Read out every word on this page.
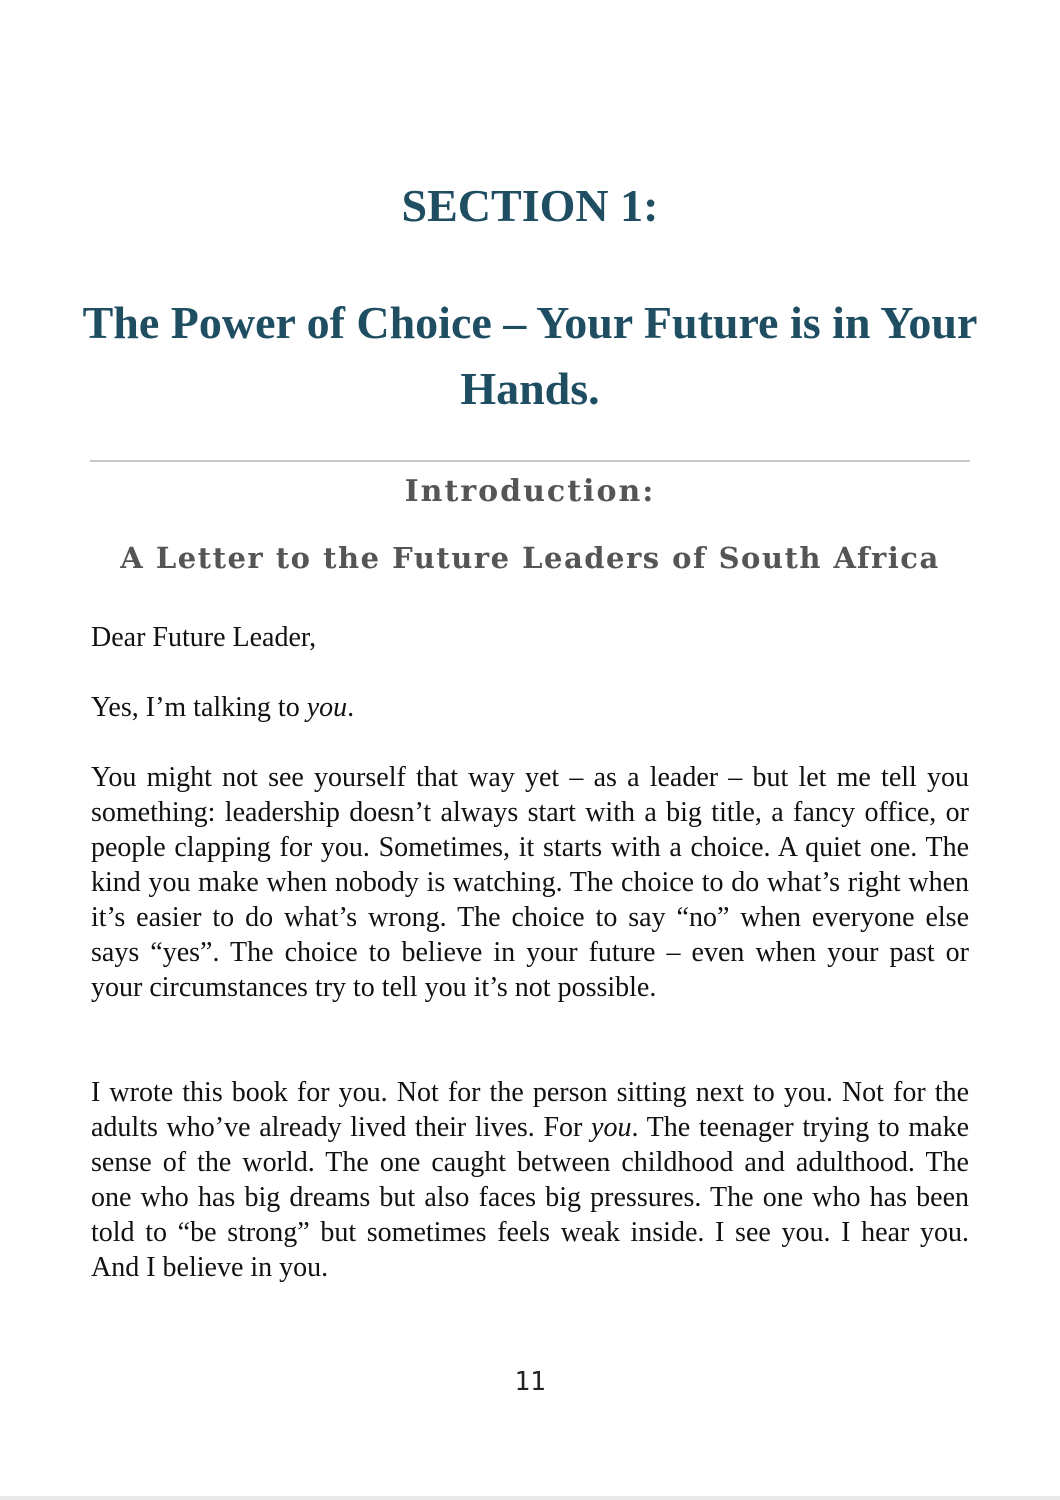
SECTION 1:
The Power of Choice – Your Future is in Your Hands.
Introduction:
A Letter to the Future Leaders of South Africa

Dear Future Leader,

Yes, I’m talking to you.

You might not see yourself that way yet – as a leader – but let me tell you something: leadership doesn’t always start with a big title, a fancy office, or people clapping for you. Sometimes, it starts with a choice. A quiet one. The kind you make when nobody is watching. The choice to do what’s right when it’s easier to do what’s wrong. The choice to say “no” when everyone else says “yes”. The choice to believe in your future – even when your past or your circumstances try to tell you it’s not possible.

I wrote this book for you. Not for the person sitting next to you. Not for the adults who’ve already lived their lives. For you. The teenager trying to make sense of the world. The one caught between childhood and adulthood. The one who has big dreams but also faces big pressures. The one who has been told to “be strong” but sometimes feels weak inside. I see you. I hear you. And I believe in you.

11
